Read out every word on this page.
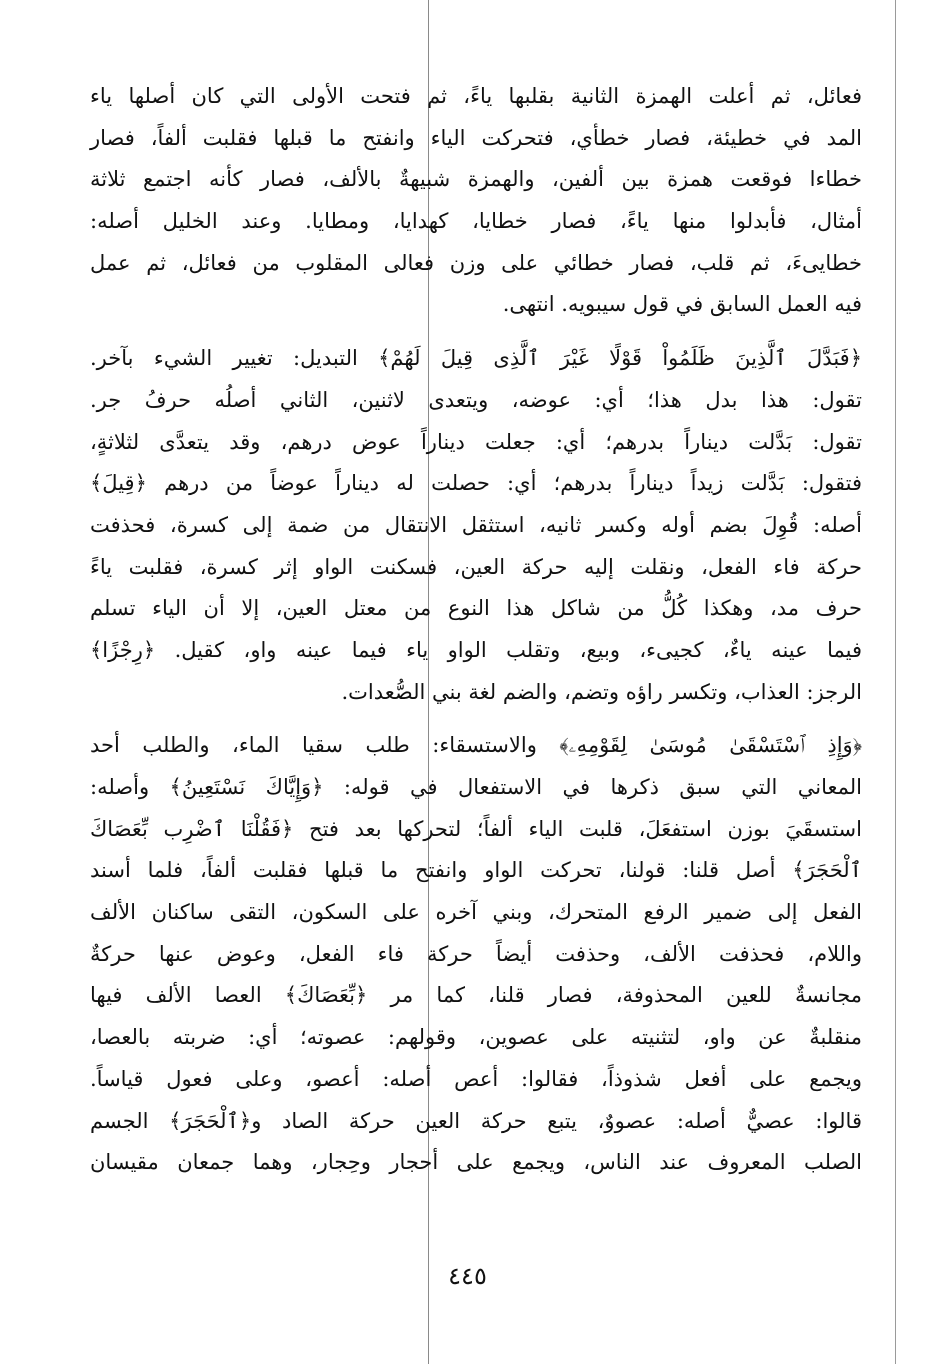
فعائل، ثم أعلت الهمزة الثانية بقلبها ياءً، ثم فتحت الأولى التي كان أصلها ياء
المد في خطيئة، فصار خطأي، فتحركت الياء وانفتح ما قبلها فقلبت ألفاً، فصار
خطاءا فوقعت همزة بين ألفين، والهمزة شبيهةٌ بالألف، فصار كأنه اجتمع ثلاثة
أمثال، فأبدلوا منها ياءً، فصار خطايا، كهدايا، ومطايا. وعند الخليل أصله:
خطايىءَ، ثم قلب، فصار خطائي على وزن فعالى المقلوب من فعائل، ثم عمل
فيه العمل السابق في قول سيبويه. انتهى.
﴿فَبَدَّلَ ٱلَّذِينَ ظَلَمُواْ قَوْلًا غَيْرَ ٱلَّذِى قِيلَ لَهُمْ﴾ التبديل: تغيير الشيء بآخر.
تقول: هذا بدل هذا؛ أي: عوضه، ويتعدى لاثنين، الثاني أصلُه حرفُ جر.
تقول: بَدَّلت ديناراً بدرهم؛ أي: جعلت ديناراً عوض درهم، وقد يتعدَّى لثلاثةٍ،
فتقول: بَدَّلت زيداً ديناراً بدرهم؛ أي: حصلت له ديناراً عوضاً من درهم ﴿قِيلَ﴾
أصله: قُوِلَ بضم أوله وكسر ثانيه، استثقل الانتقال من ضمة إلى كسرة، فحذفت
حركة فاء الفعل، ونقلت إليه حركة العين، فسكنت الواو إثر كسرة، فقلبت ياءً
حرف مد، وهكذا كُلُّ من شاكل هذا النوع من معتل العين، إلا أن الياء تسلم
فيما عينه ياءٌ، كجيىء، وبيع، وتقلب الواو ياء فيما عينه واو، كقيل. ﴿رِجْزًا﴾
الرجز: العذاب، وتكسر راؤه وتضم، والضم لغة بني الصُّعدات.
﴿وَإِذِ ٱسْتَسْقَىٰ مُوسَىٰ لِقَوْمِهِۦ﴾ والاستسقاء: طلب سقيا الماء، والطلب أحد
المعاني التي سبق ذكرها في الاستفعال في قوله: ﴿وَإِيَّاكَ نَسْتَعِينُ﴾ وأصله:
استسقَيَ بوزن استفعَلَ، قلبت الياء ألفاً؛ لتحركها بعد فتح ﴿فَقُلْنَا ٱضْرِب بِّعَصَاكَ
ٱلْحَجَرَ﴾ أصل قلنا: قولنا، تحركت الواو وانفتح ما قبلها فقلبت ألفاً، فلما أسند
الفعل إلى ضمير الرفع المتحرك، وبني آخره على السكون، التقى ساكنان الألف
واللام، فحذفت الألف، وحذفت أيضاً حركة فاء الفعل، وعوض عنها حركةٌ
مجانسةٌ للعين المحذوفة، فصار قلنا، كما مر ﴿بِّعَصَاكَ﴾ العصا الألف فيها
منقلبةٌ عن واو، لتثنيته على عصوين، وقولهم: عصوته؛ أي: ضربته بالعصا،
ويجمع على أفعل شذوذاً، فقالوا: أعص أصله: أعصو، وعلى فعول قياساً.
قالوا: عصيٌّ أصله: عصووٌ، يتبع حركة العين حركة الصاد و﴿ٱلْحَجَرَ﴾ الجسم
الصلب المعروف عند الناس، ويجمع على أحجار وحِجار، وهما جمعان مقيسان
٤٤٥
